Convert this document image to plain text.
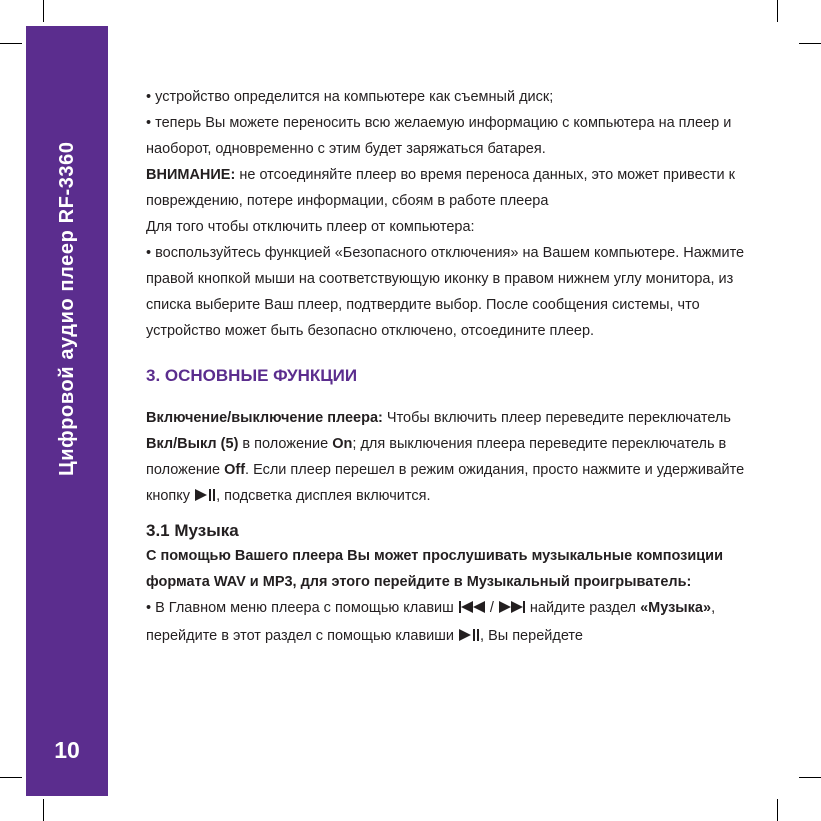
Цифровой аудио плеер RF-3360
10

• устройство определится на компьютере как съемный диск;

• теперь Вы можете переносить всю желаемую информацию с компьютера на плеер и наоборот, одновременно с этим будет заряжаться батарея.

ВНИМАНИЕ: не отсоединяйте плеер во время переноса данных, это может привести к повреждению, потере информации, сбоям в работе плеера

Для того чтобы отключить плеер от компьютера:

• воспользуйтесь функцией «Безопасного отключения» на Вашем компьютере. Нажмите правой кнопкой мыши на соответствующую иконку в правом нижнем углу монитора, из списка выберите Ваш плеер, подтвердите выбор. После сообщения системы, что устройство может быть безопасно отключено, отсоедините плеер.

3. ОСНОВНЫЕ ФУНКЦИИ

Включение/выключение плеера: Чтобы включить плеер переведите переключатель Вкл/Выкл (5) в положение On; для выключения плеера переведите переключатель в положение Off. Если плеер перешел в режим ожидания, просто нажмите и удерживайте кнопку , подсветка дисплея включится.

3.1 Музыка

С помощью Вашего плеера Вы может прослушивать музыкальные композиции формата WAV и MP3, для этого перейдите в Музыкальный проигрыватель:

• В Главном меню плеера с помощью клавиш  /  найдите раздел «Музыка», перейдите в этот раздел с помощью клавиши , Вы перейдете
